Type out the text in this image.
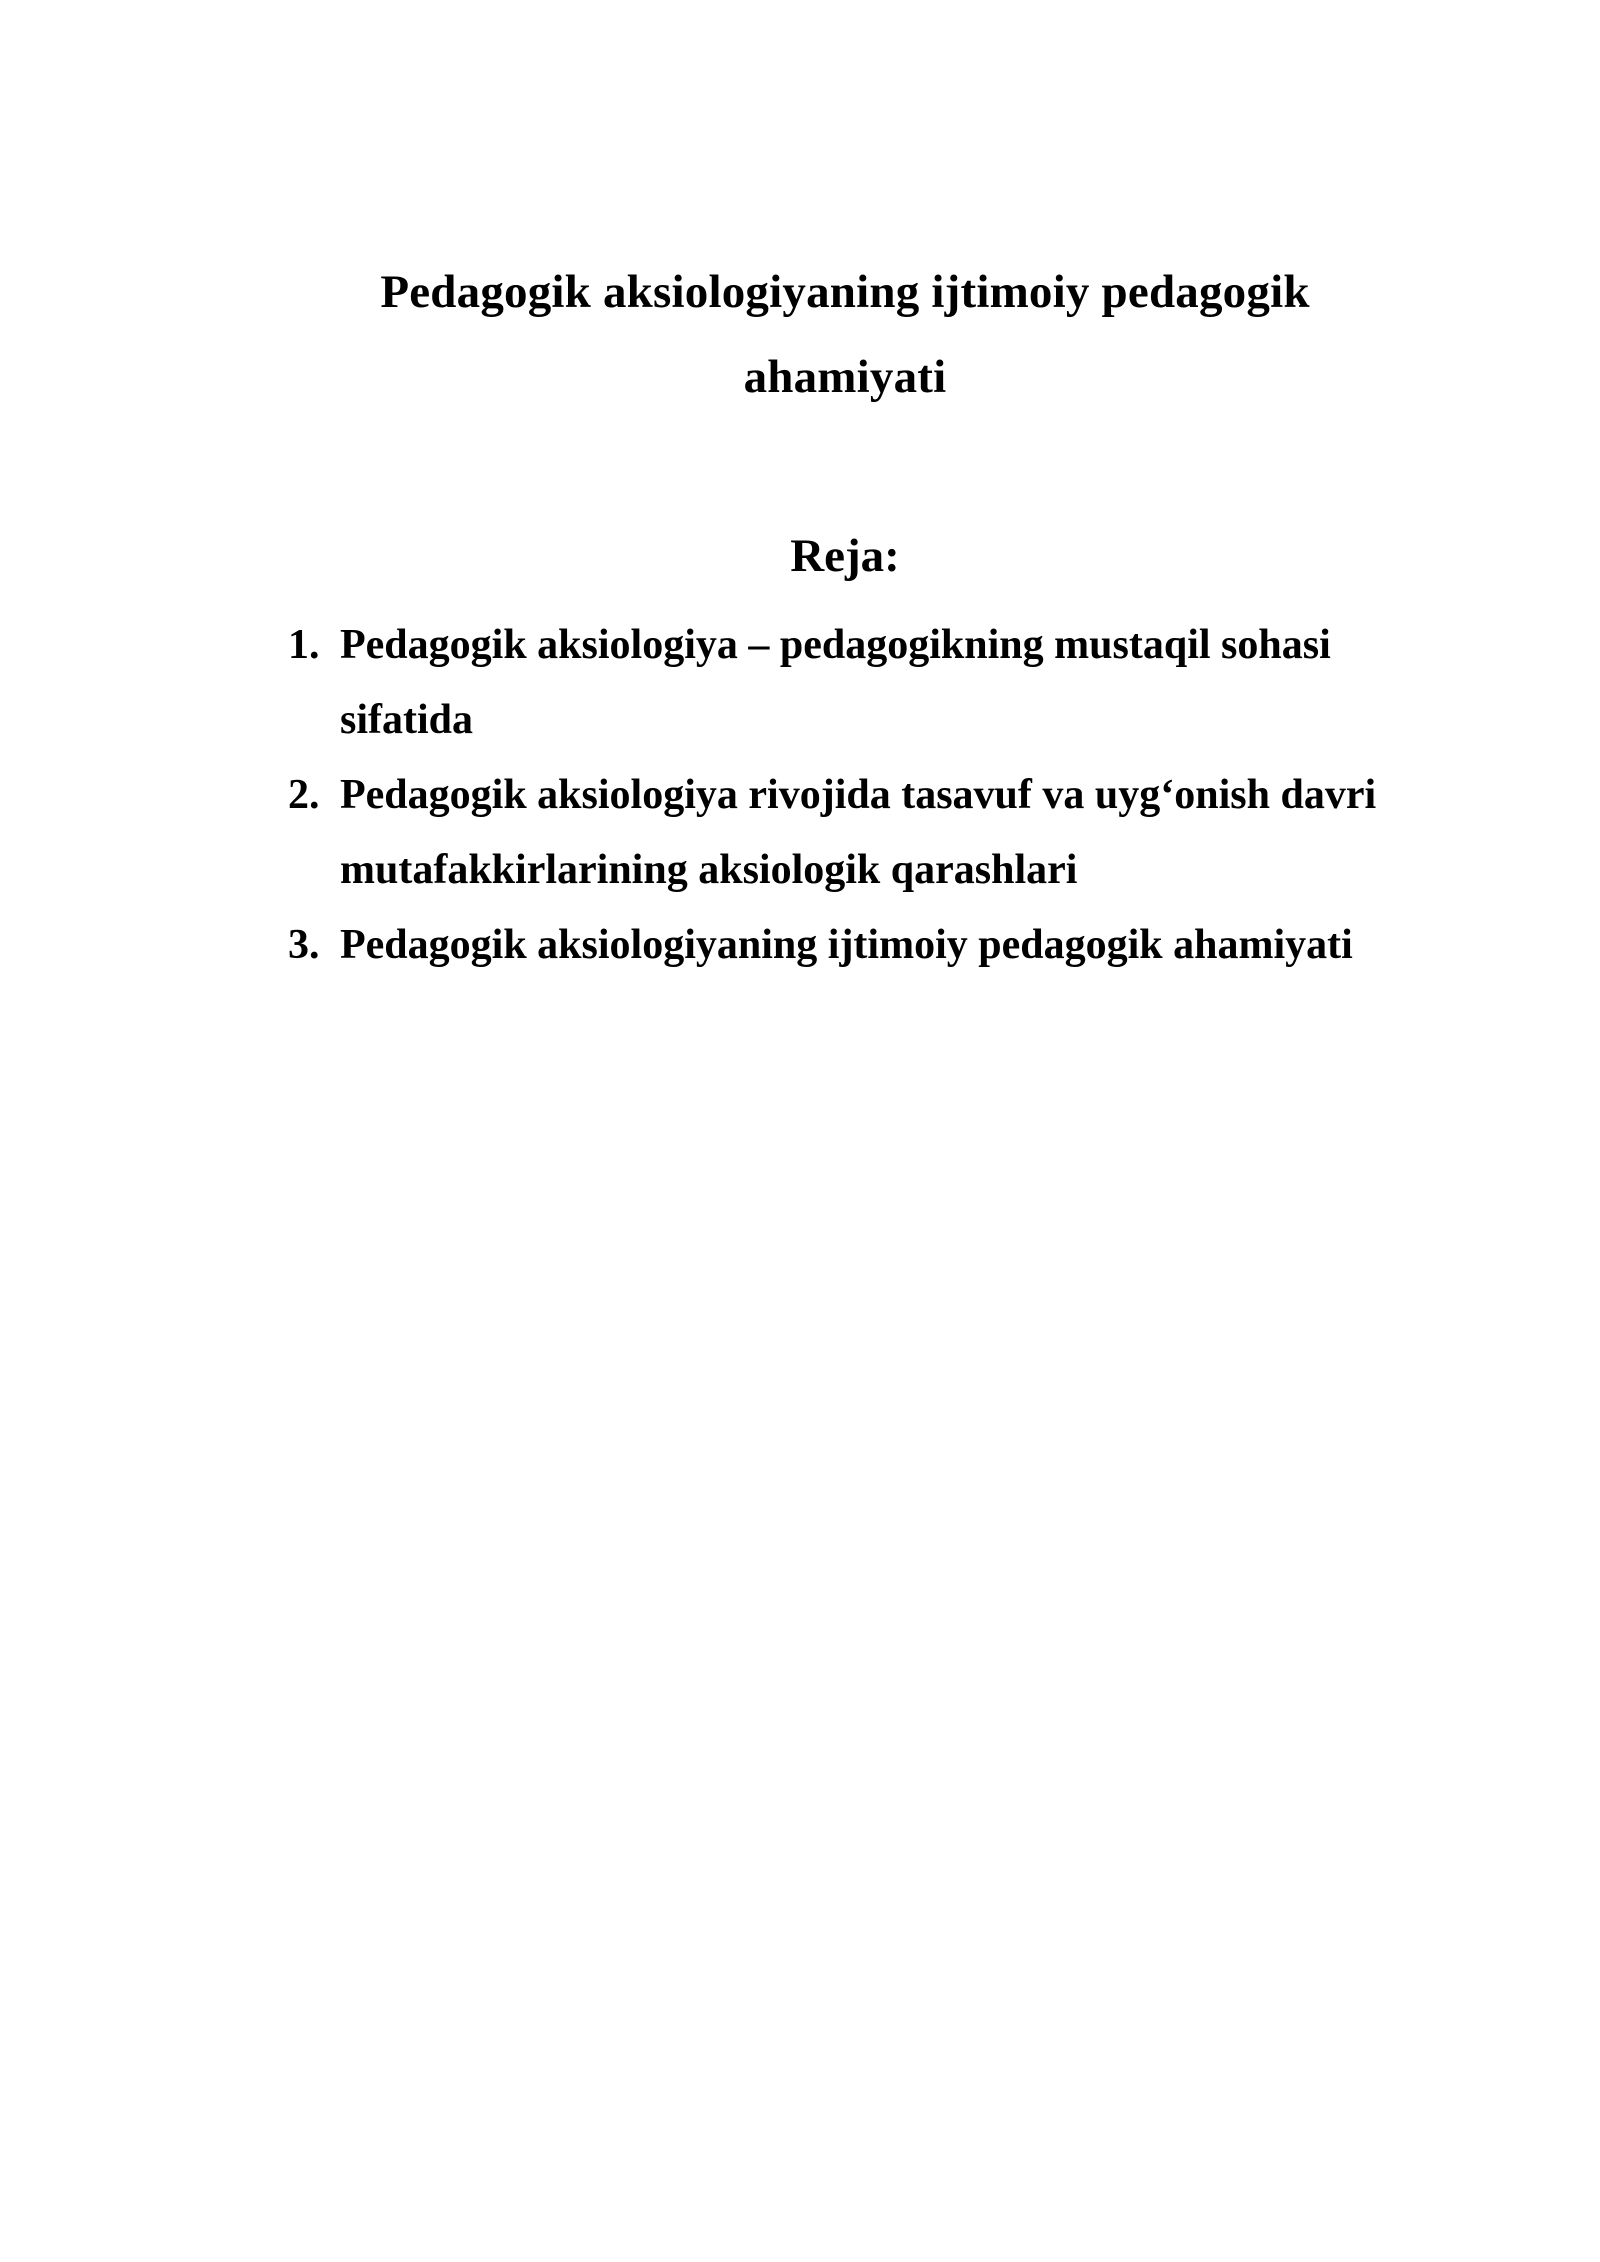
Pedagogik aksiologiyaning ijtimoiy pedagogik ahamiyati
Reja:
1. Pedagogik aksiologiya – pedagogikning mustaqil sohasi sifatida
2. Pedagogik aksiologiya rivojida tasavuf va uyg‘onish davri mutafakkirlarining aksiologik qarashlari
3. Pedagogik aksiologiyaning ijtimoiy pedagogik ahamiyati
